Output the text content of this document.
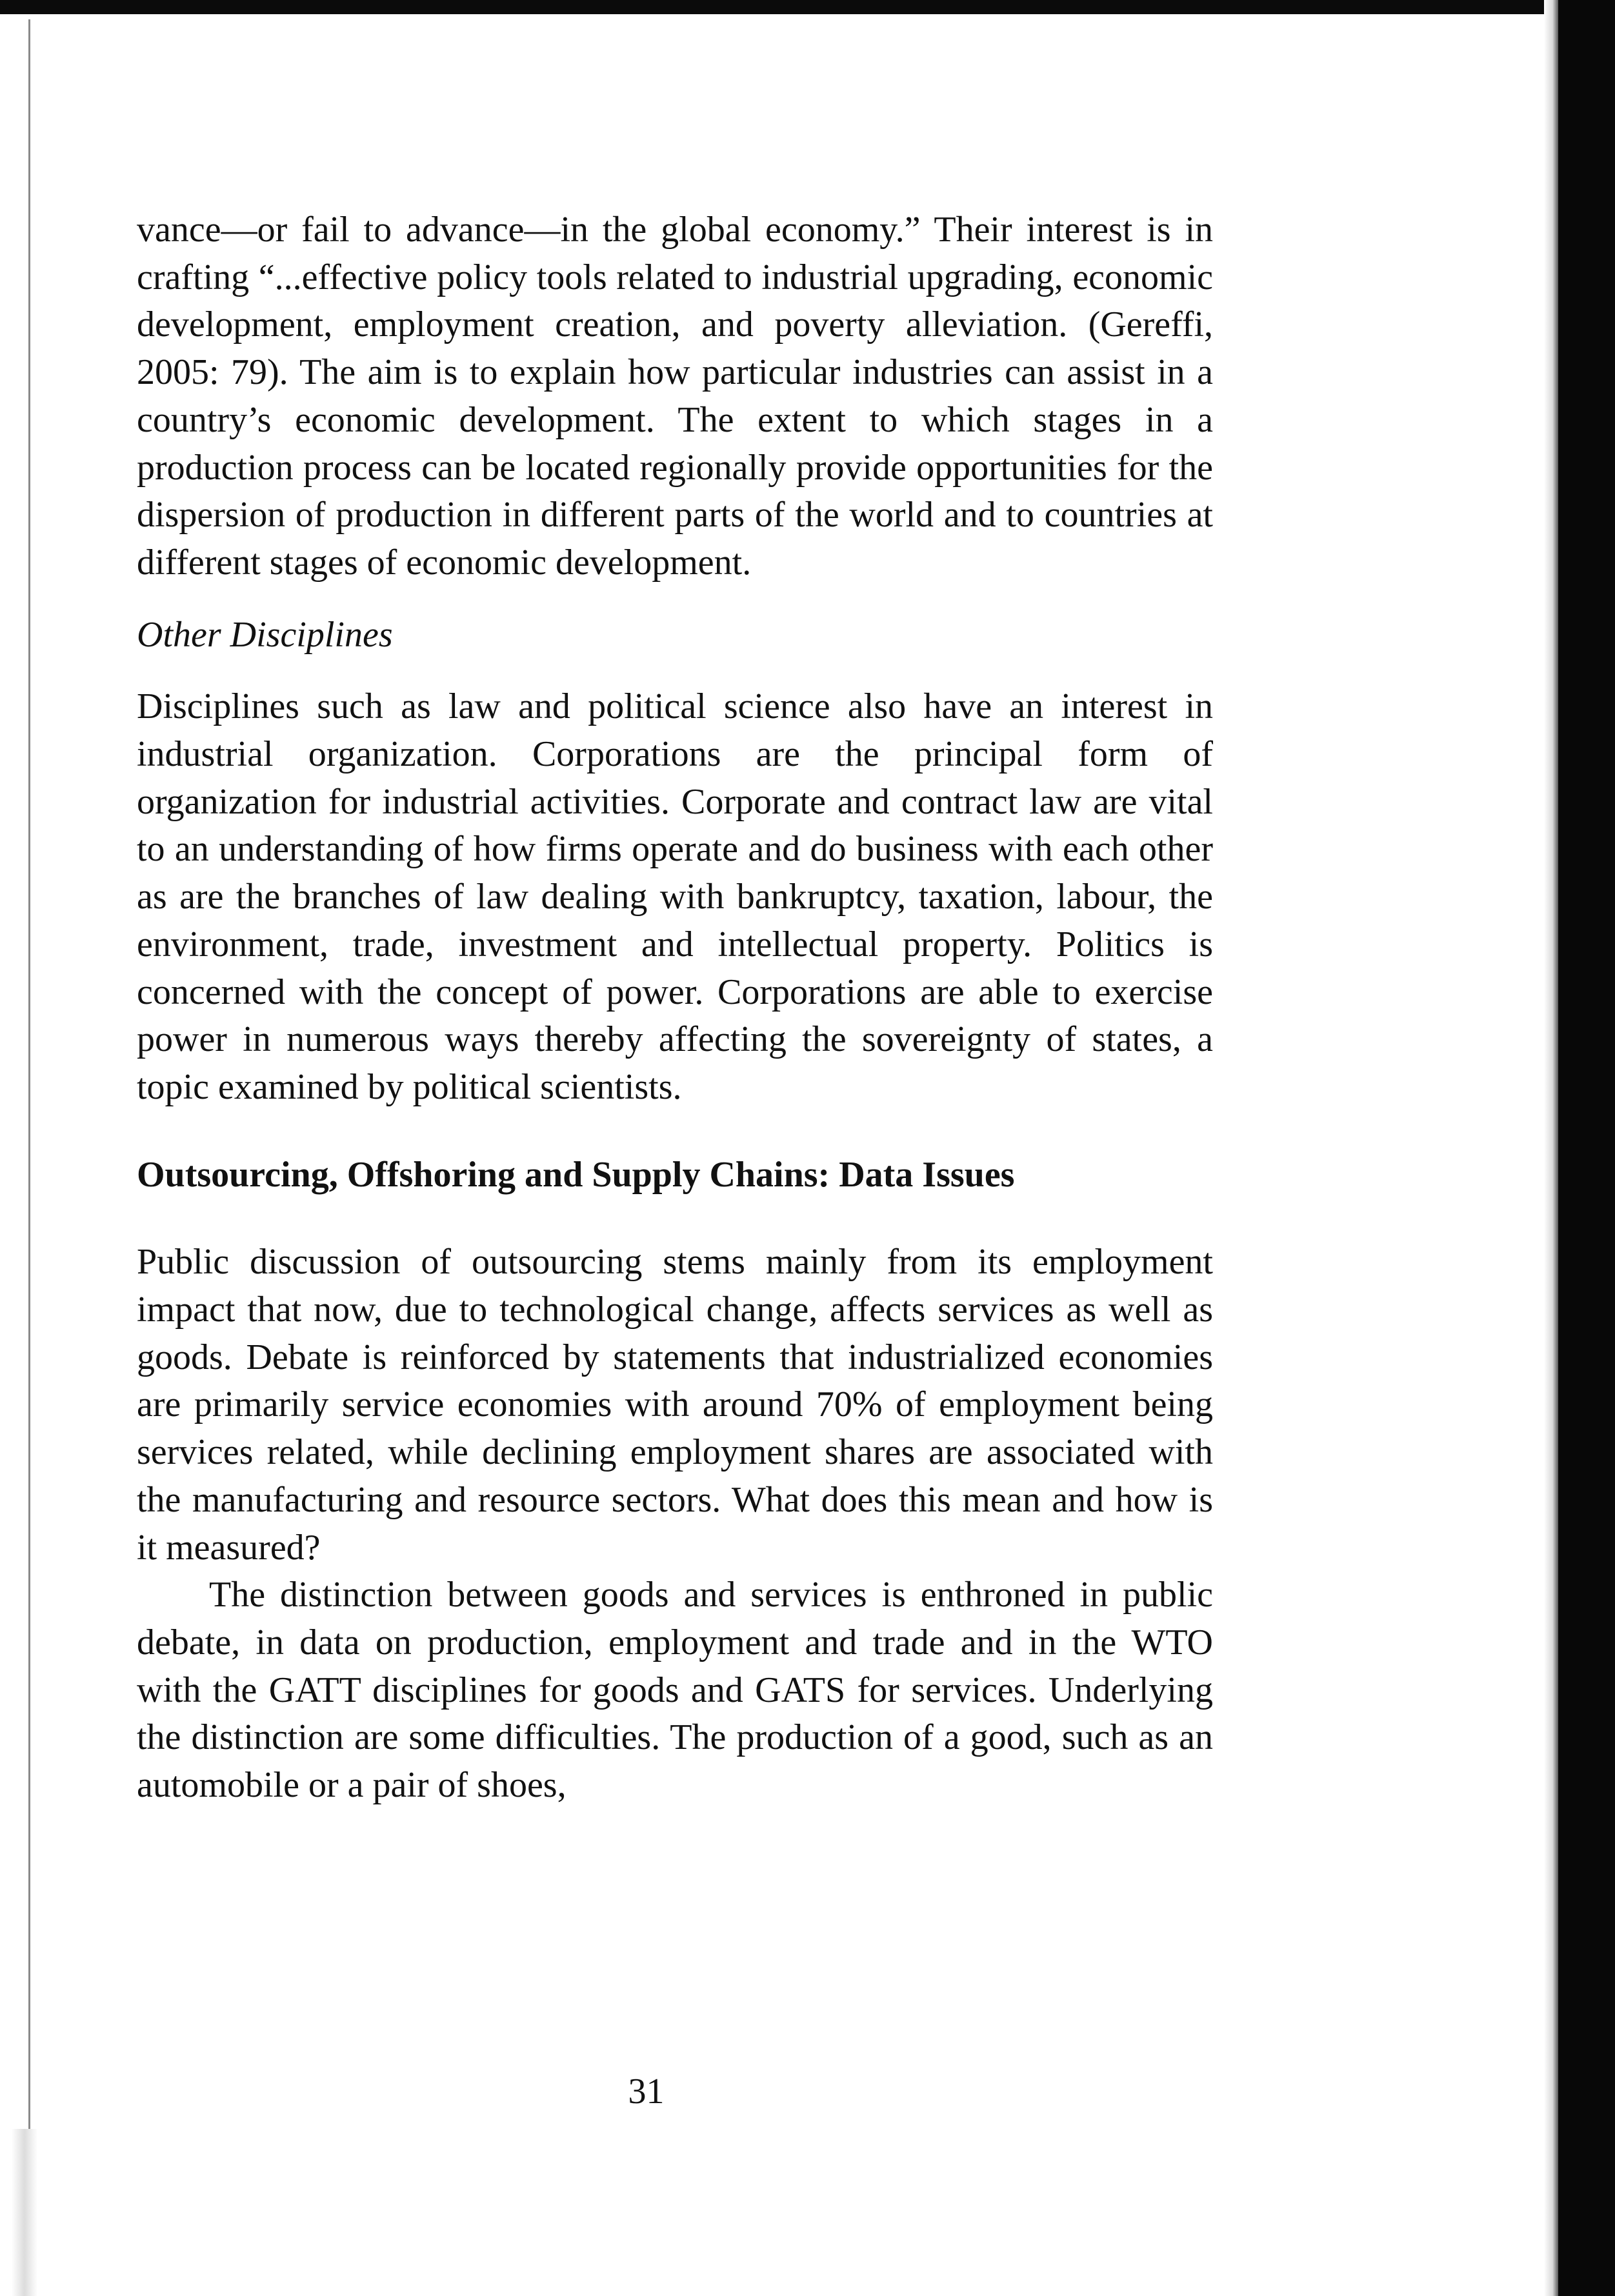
vance—or fail to advance—in the global economy.” Their interest is in crafting “...effective policy tools related to industrial upgrading, economic development, employment creation, and poverty alleviation. (Gereffi, 2005: 79). The aim is to explain how particular industries can assist in a country’s economic development. The extent to which stages in a production process can be located regionally provide opportunities for the dispersion of production in different parts of the world and to countries at different stages of economic development.

Other Disciplines

Disciplines such as law and political science also have an interest in industrial organization. Corporations are the principal form of organization for industrial activities. Corporate and contract law are vital to an understanding of how firms operate and do business with each other as are the branches of law dealing with bankruptcy, taxation, labour, the environment, trade, investment and intellectual property. Politics is concerned with the concept of power. Corporations are able to exercise power in numerous ways thereby affecting the sovereignty of states, a topic examined by political scientists.

Outsourcing, Offshoring and Supply Chains: Data Issues

Public discussion of outsourcing stems mainly from its employment impact that now, due to technological change, affects services as well as goods. Debate is reinforced by statements that industrialized economies are primarily service economies with around 70% of employment being services related, while declining employment shares are associated with the manufacturing and resource sectors. What does this mean and how is it measured?

The distinction between goods and services is enthroned in public debate, in data on production, employment and trade and in the WTO with the GATT disciplines for goods and GATS for services. Underlying the distinction are some difficulties. The production of a good, such as an automobile or a pair of shoes,

31
